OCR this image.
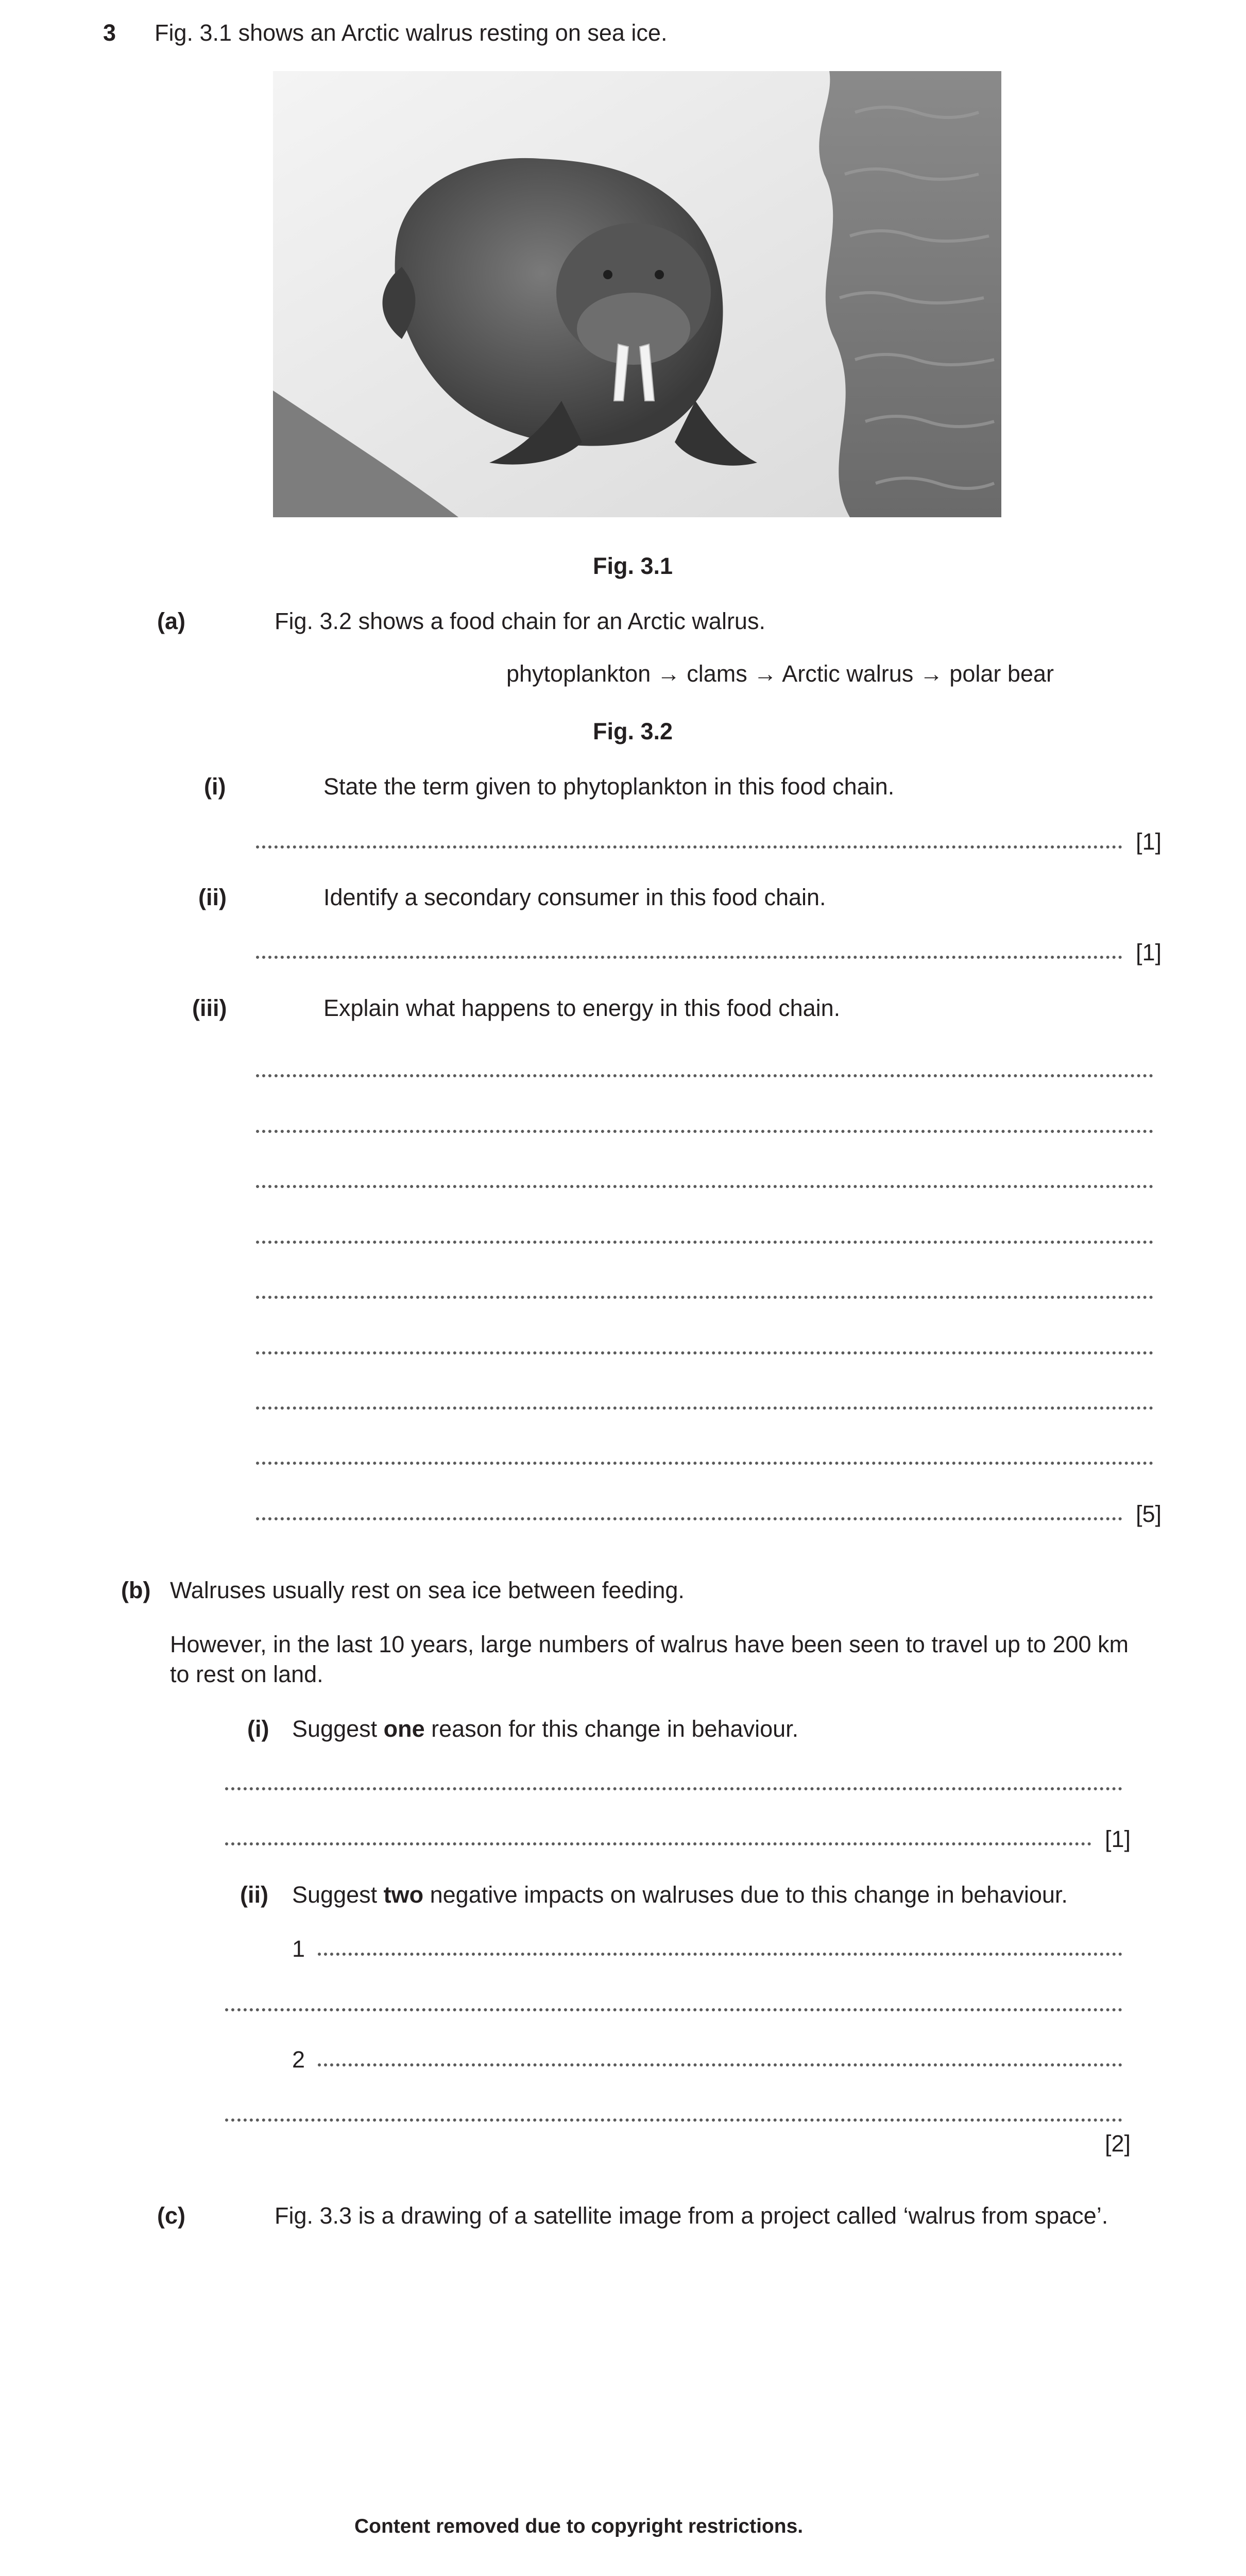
3 Fig. 3.1 shows an Arctic walrus resting on sea ice.
Fig. 3.1
(a)	Fig. 3.2 shows a food chain for an Arctic walrus.
phytoplankton → clams → Arctic walrus → polar bear
Fig. 3.2
(i)	State the term given to phytoplankton in this food chain.
[1]
(ii)	Identify a secondary consumer in this food chain.
[1]
(iii)	Explain what happens to energy in this food chain.
[5]
(b) Walruses usually rest on sea ice between feeding.
However, in the last 10 years, large numbers of walrus have been seen to travel up to 200 km
to rest on land.
(i) Suggest one reason for this change in behaviour.
[1]
(ii) Suggest two negative impacts on walruses due to this change in behaviour.
1
2
[2]
(c)	Fig. 3.3 is a drawing of a satellite image from a project called ‘walrus from space’.
Content removed due to copyright restrictions.
